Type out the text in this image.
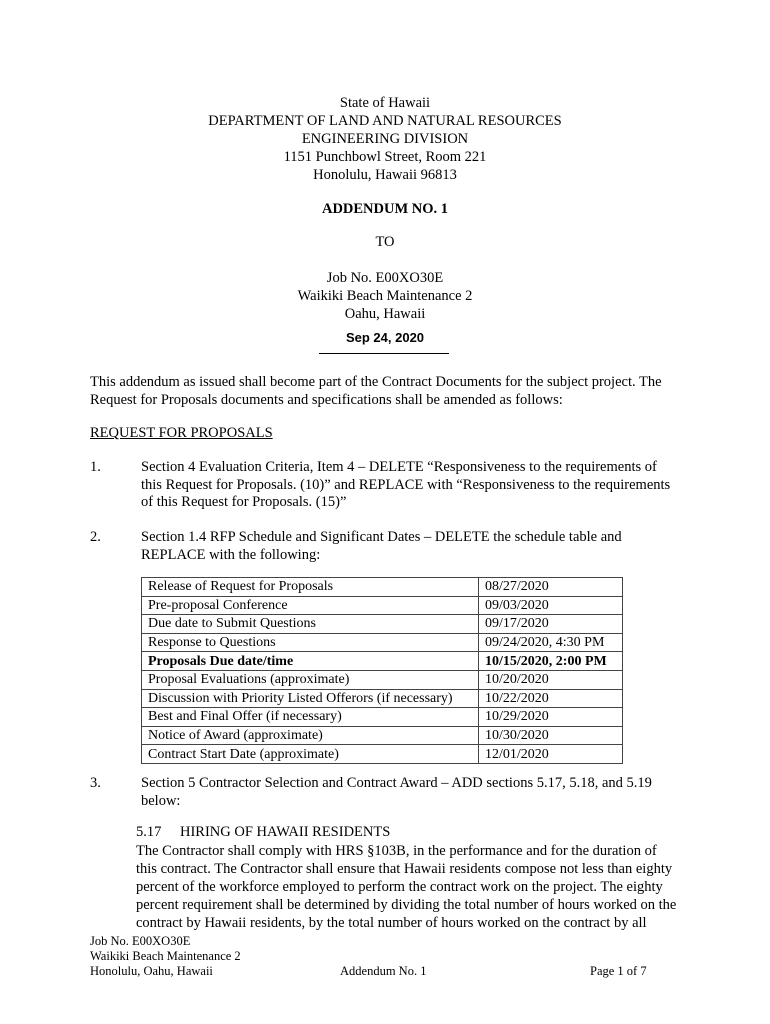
State of Hawaii
DEPARTMENT OF LAND AND NATURAL RESOURCES
ENGINEERING DIVISION
1151 Punchbowl Street, Room 221
Honolulu, Hawaii 96813
ADDENDUM NO. 1
TO
Job No. E00XO30E
Waikiki Beach Maintenance 2
Oahu, Hawaii
Sep 24, 2020
This addendum as issued shall become part of the Contract Documents for the subject project. The Request for Proposals documents and specifications shall be amended as follows:
REQUEST FOR PROPOSALS
1.	Section 4 Evaluation Criteria, Item 4 – DELETE “Responsiveness to the requirements of this Request for Proposals. (10)” and REPLACE with “Responsiveness to the requirements of this Request for Proposals. (15)”
2.	Section 1.4 RFP Schedule and Significant Dates – DELETE the schedule table and REPLACE with the following:
Release of Request for Proposals	08/27/2020
Pre-proposal Conference	09/03/2020
Due date to Submit Questions	09/17/2020
Response to Questions	09/24/2020, 4:30 PM
Proposals Due date/time	10/15/2020, 2:00 PM
Proposal Evaluations (approximate)	10/20/2020
Discussion with Priority Listed Offerors (if necessary)	10/22/2020
Best and Final Offer (if necessary)	10/29/2020
Notice of Award (approximate)	10/30/2020
Contract Start Date (approximate)	12/01/2020
3.	Section 5 Contractor Selection and Contract Award – ADD sections 5.17, 5.18, and 5.19 below:
5.17 HIRING OF HAWAII RESIDENTS
The Contractor shall comply with HRS §103B, in the performance and for the duration of this contract. The Contractor shall ensure that Hawaii residents compose not less than eighty percent of the workforce employed to perform the contract work on the project. The eighty percent requirement shall be determined by dividing the total number of hours worked on the contract by Hawaii residents, by the total number of hours worked on the contract by all
Job No. E00XO30E
Waikiki Beach Maintenance 2
Honolulu, Oahu, Hawaii	Addendum No. 1	Page 1 of 7
